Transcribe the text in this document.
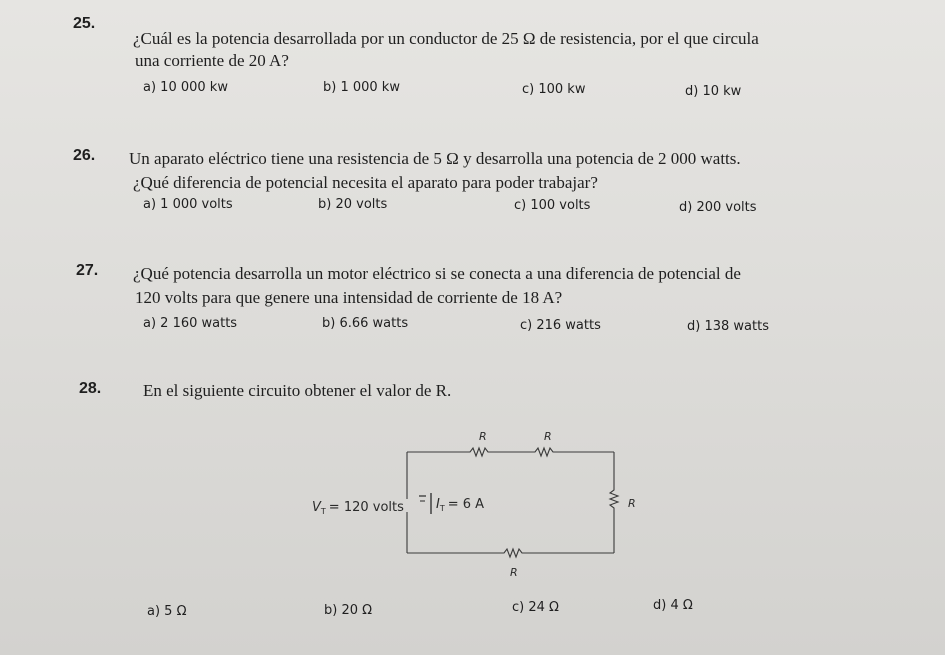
25.
¿Cuál es la potencia desarrollada por un conductor de 25 Ω de resistencia, por el que circula
una corriente de 20 A?
a) 10 000 kw	b) 1 000 kw	c) 100 kw	d) 10 kw
26. Un aparato eléctrico tiene una resistencia de 5 Ω y desarrolla una potencia de 2 000 watts.
¿Qué diferencia de potencial necesita el aparato para poder trabajar?
a) 1 000 volts	b) 20 volts	c) 100 volts	d) 200 volts
27. ¿Qué potencia desarrolla un motor eléctrico si se conecta a una diferencia de potencial de
120 volts para que genere una intensidad de corriente de 18 A?
a) 2 160 watts	b) 6.66 watts	c) 216 watts	d) 138 watts
28. En el siguiente circuito obtener el valor de R.
R	R
R
R
$V_T = 120$ volts $I_T = 6$ A
a) 5 Ω	b) 20 Ω	c) 24 Ω	d) 4 Ω
